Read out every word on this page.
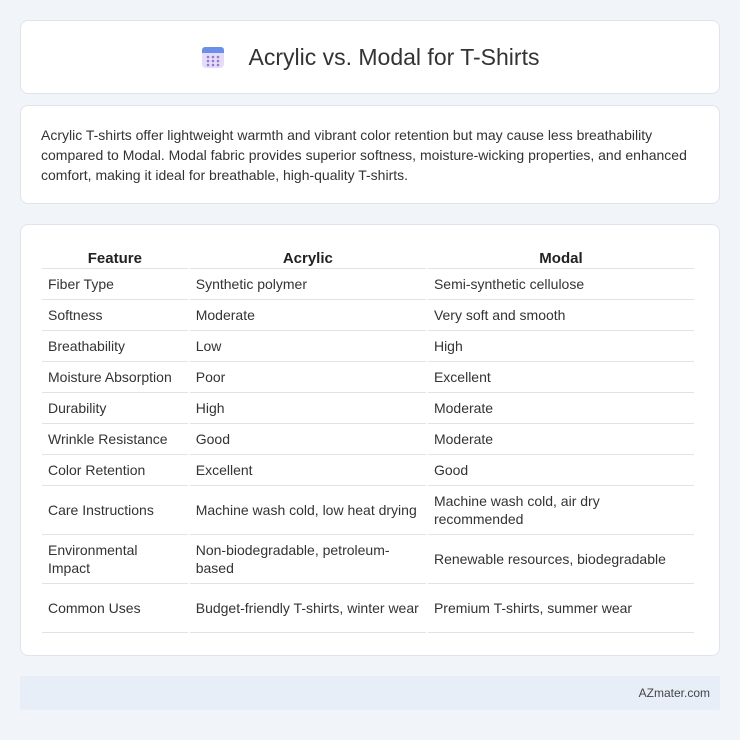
Acrylic vs. Modal for T-Shirts

Acrylic T-shirts offer lightweight warmth and vibrant color retention but may cause less breathability compared to Modal. Modal fabric provides superior softness, moisture-wicking properties, and enhanced comfort, making it ideal for breathable, high-quality T-shirts.

Feature	Acrylic	Modal
Fiber Type	Synthetic polymer	Semi-synthetic cellulose
Softness	Moderate	Very soft and smooth
Breathability	Low	High
Moisture Absorption	Poor	Excellent
Durability	High	Moderate
Wrinkle Resistance	Good	Moderate
Color Retention	Excellent	Good
Care Instructions	Machine wash cold, low heat drying	Machine wash cold, air dry recommended
Environmental Impact	Non-biodegradable, petroleum-based	Renewable resources, biodegradable
Common Uses	Budget-friendly T-shirts, winter wear	Premium T-shirts, summer wear
AZmater.com
